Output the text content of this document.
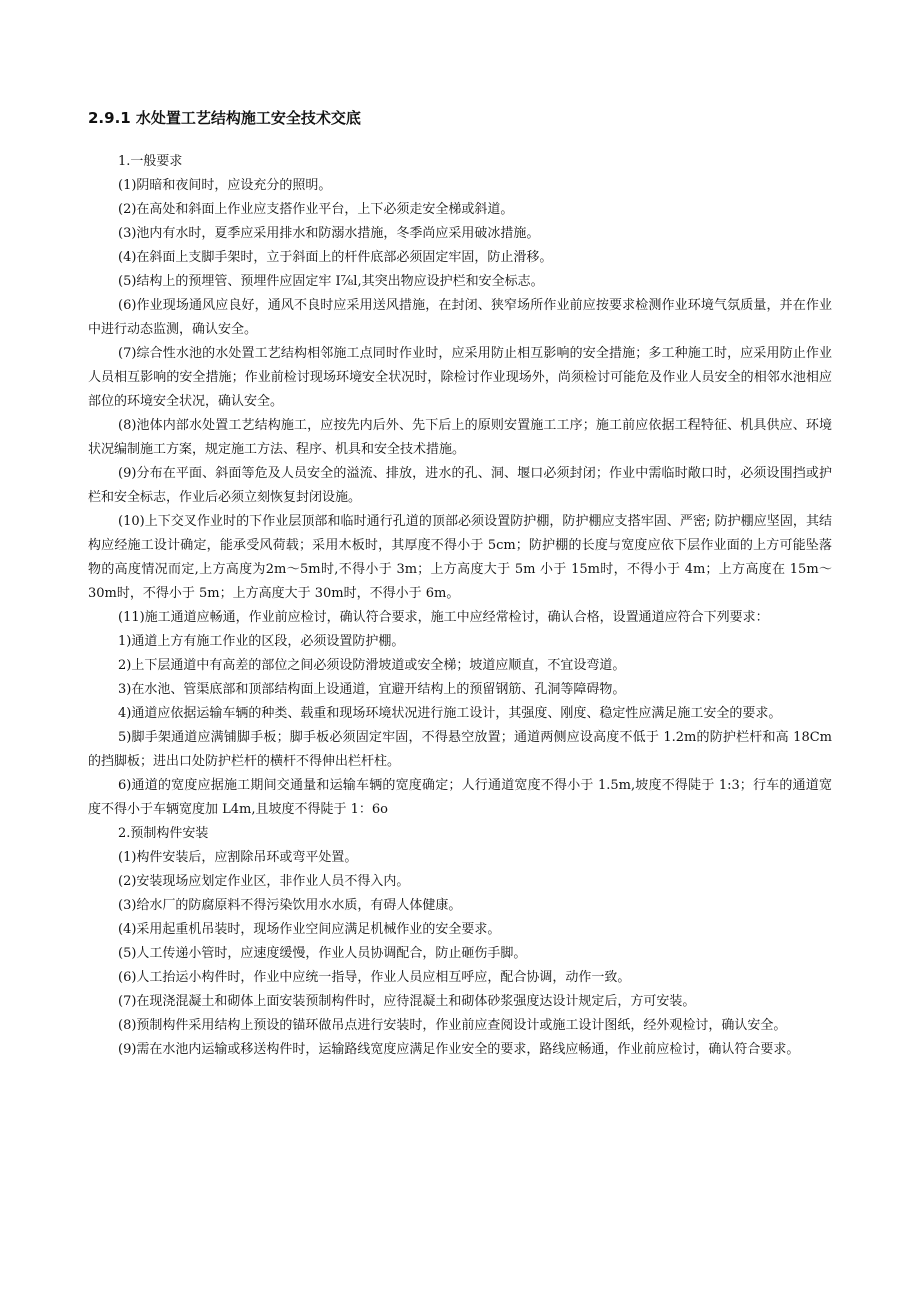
2.9.1 水处置工艺结构施工安全技术交底

1.一般要求

(1)阴暗和夜间时，应设充分的照明。

(2)在高处和斜面上作业应支搭作业平台，上下必须走安全梯或斜道。

(3)池内有水时，夏季应采用排水和防溺水措施，冬季尚应采用破冰措施。

(4)在斜面上支脚手架时，立于斜面上的杆件底部必须固定牢固，防止滑移。

(5)结构上的预埋管、预埋件应固定牢 I⅞l,其突出物应设护栏和安全标志。

(6)作业现场通风应良好，通风不良时应采用送风措施，在封闭、狭窄场所作业前应按要求检测作业环境气氛质量，并在作业中进行动态监测，确认安全。

(7)综合性水池的水处置工艺结构相邻施工点同时作业时，应采用防止相互影响的安全措施；多工种施工时，应采用防止作业人员相互影响的安全措施；作业前检讨现场环境安全状况时，除检讨作业现场外，尚须检讨可能危及作业人员安全的相邻水池相应部位的环境安全状况，确认安全。

(8)池体内部水处置工艺结构施工，应按先内后外、先下后上的原则安置施工工序；施工前应依据工程特征、机具供应、环境状况编制施工方案，规定施工方法、程序、机具和安全技术措施。

(9)分布在平面、斜面等危及人员安全的溢流、排放，进水的孔、洞、堰口必须封闭；作业中需临时敞口时，必须设围挡或护栏和安全标志，作业后必须立刻恢复封闭设施。

(10)上下交叉作业时的下作业层顶部和临时通行孔道的顶部必须设置防护棚，防护棚应支搭牢固、严密; 防护棚应坚固，其结构应经施工设计确定，能承受风荷载；采用木板时，其厚度不得小于 5cm；防护棚的长度与宽度应依下层作业面的上方可能坠落物的高度情况而定,上方高度为2m～5m时,不得小于 3m；上方高度大于 5m 小于 15m时，不得小于 4m；上方高度在 15m～30m时，不得小于 5m；上方高度大于 30m时，不得小于 6m。

(11)施工通道应畅通，作业前应检讨，确认符合要求，施工中应经常检讨，确认合格，设置通道应符合下列要求：

1)通道上方有施工作业的区段，必须设置防护棚。

2)上下层通道中有高差的部位之间必须设防滑坡道或安全梯；坡道应顺直，不宜设弯道。

3)在水池、管渠底部和顶部结构面上设通道，宜避开结构上的预留钢筋、孔洞等障碍物。

4)通道应依据运输车辆的种类、载重和现场环境状况进行施工设计，其强度、刚度、稳定性应满足施工安全的要求。

5)脚手架通道应满铺脚手板；脚手板必须固定牢固，不得悬空放置；通道两侧应设高度不低于 1.2m的防护栏杆和高 18Cm的挡脚板；进出口处防护栏杆的横杆不得伸出栏杆柱。

6)通道的宽度应据施工期间交通量和运输车辆的宽度确定；人行通道宽度不得小于 1.5m,坡度不得陡于 1:3；行车的通道宽度不得小于车辆宽度加 L4m,且坡度不得陡于 1：6o

2.预制构件安装

(1)构件安装后，应割除吊环或弯平处置。

(2)安装现场应划定作业区，非作业人员不得入内。

(3)给水厂的防腐原料不得污染饮用水水质，有碍人体健康。

(4)采用起重机吊装时，现场作业空间应满足机械作业的安全要求。

(5)人工传递小管时，应速度缓慢，作业人员协调配合，防止砸伤手脚。

(6)人工抬运小构件时，作业中应统一指导，作业人员应相互呼应，配合协调，动作一致。

(7)在现浇混凝土和砌体上面安装预制构件时，应待混凝土和砌体砂浆强度达设计规定后，方可安装。

(8)预制构件采用结构上预设的锚环做吊点进行安装时，作业前应查阅设计或施工设计图纸，经外观检讨，确认安全。

(9)需在水池内运输或移送构件时，运输路线宽度应满足作业安全的要求，路线应畅通，作业前应检讨，确认符合要求。
